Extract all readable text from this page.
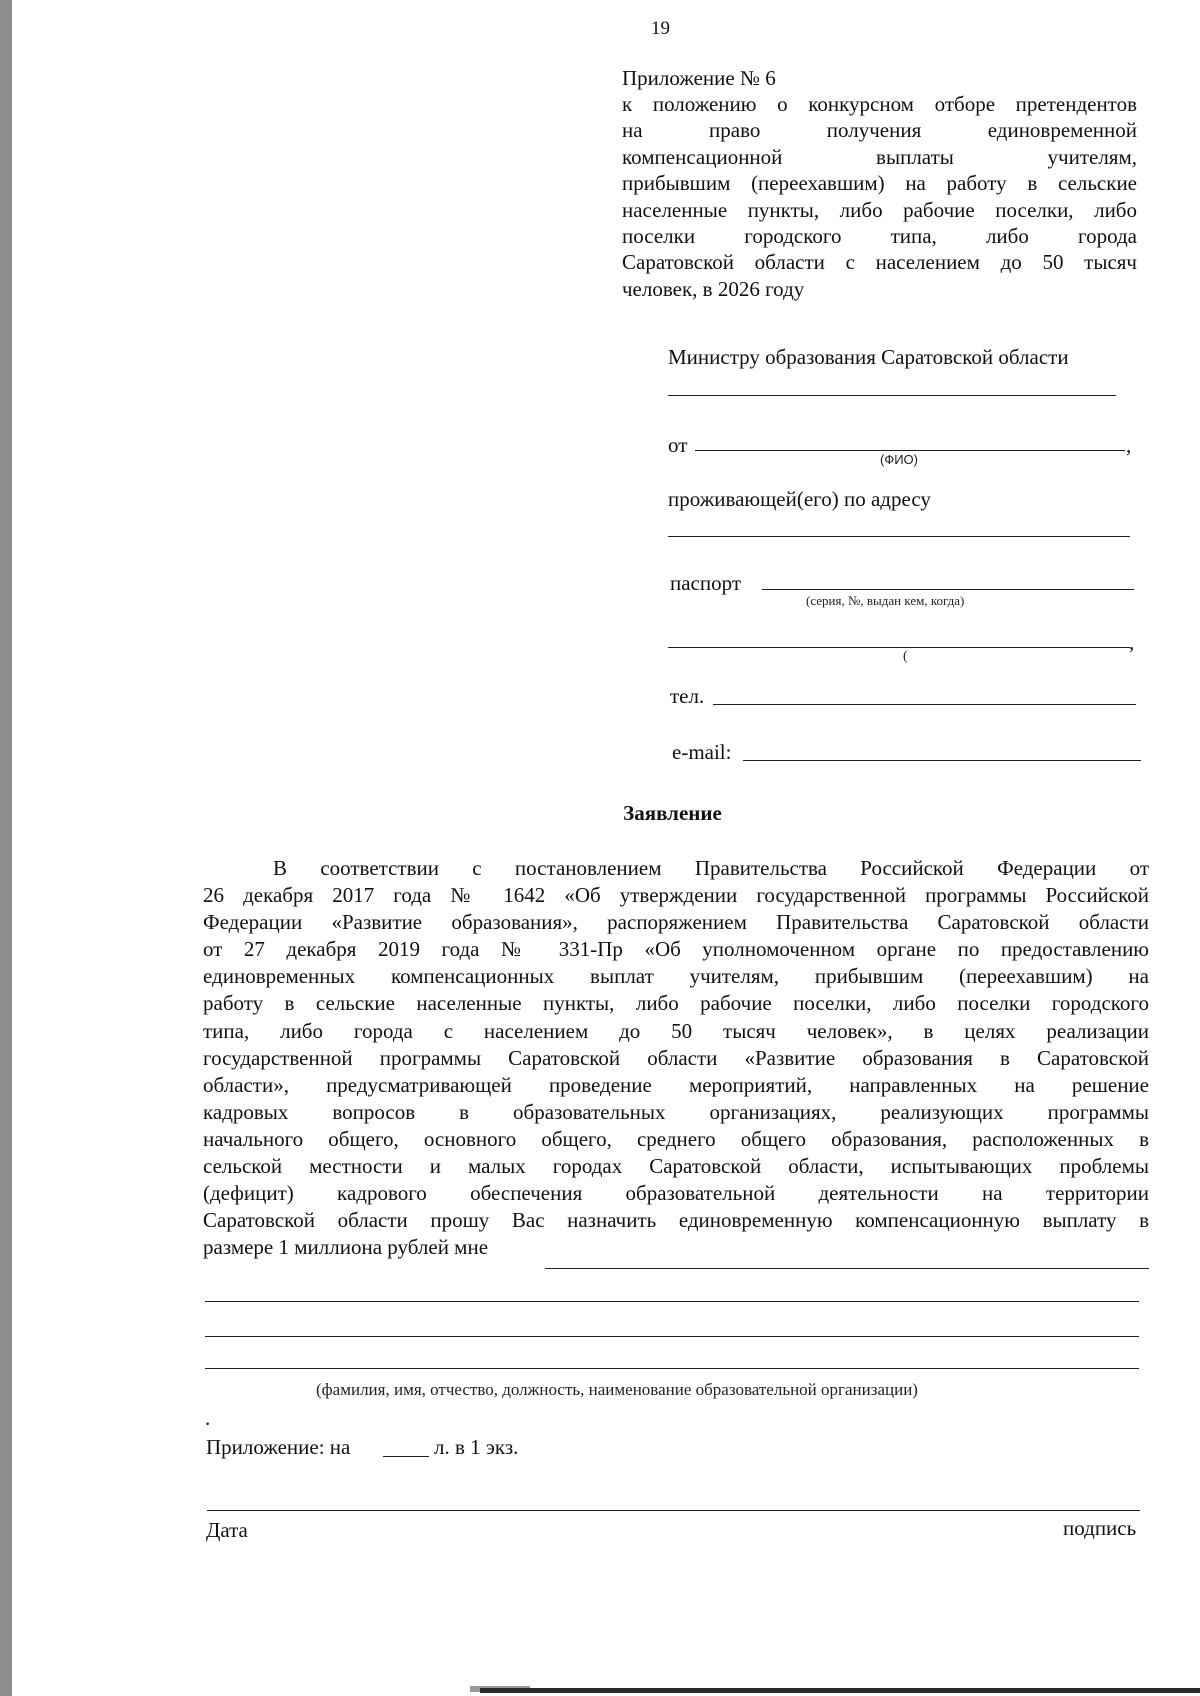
19
Приложение № 6
к положению о конкурсном отборе претендентов
на право получения единовременной
компенсационной выплаты учителям,
прибывшим (переехавшим) на работу в сельские
населенные пункты, либо рабочие поселки, либо
поселки городского типа, либо города
Саратовской области с населением до 50 тысяч
человек, в 2026 году
Министру образования Саратовской области
от	,
(ФИО)
проживающей(его) по адресу
паспорт
(серия, №, выдан кем, когда)
,
(
тел.
e-mail:
Заявление
В соответствии с постановлением Правительства Российской Федерации от
26 декабря 2017 года № 1642 «Об утверждении государственной программы Российской
Федерации «Развитие образования», распоряжением Правительства Саратовской области
от 27 декабря 2019 года № 331-Пр «Об уполномоченном органе по предоставлению
единовременных компенсационных выплат учителям, прибывшим (переехавшим) на
работу в сельские населенные пункты, либо рабочие поселки, либо поселки городского
типа, либо города с населением до 50 тысяч человек», в целях реализации
государственной программы Саратовской области «Развитие образования в Саратовской
области», предусматривающей проведение мероприятий, направленных на решение
кадровых вопросов в образовательных организациях, реализующих программы
начального общего, основного общего, среднего общего образования, расположенных в
сельской местности и малых городах Саратовской области, испытывающих проблемы
(дефицит) кадрового обеспечения образовательной деятельности на территории
Саратовской области прошу Вас назначить единовременную компенсационную выплату в
размере 1 миллиона рублей мне
(фамилия, имя, отчество, должность, наименование образовательной организации)
.
Приложение: на	л. в 1 экз.
Дата	подпись
